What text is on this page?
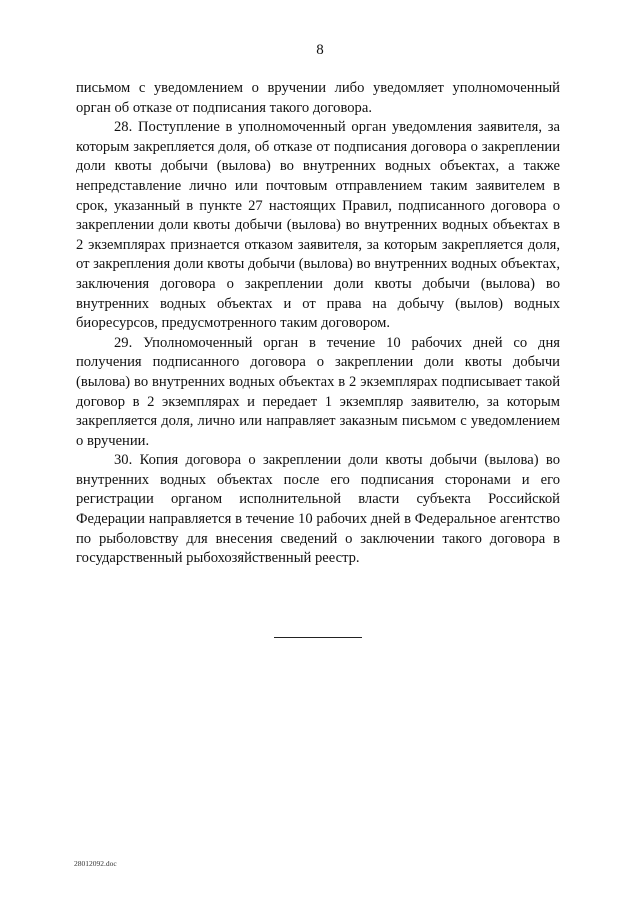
8

письмом с уведомлением о вручении либо уведомляет уполномоченный орган об отказе от подписания такого договора.

28. Поступление в уполномоченный орган уведомления заявителя, за которым закрепляется доля, об отказе от подписания договора о закреплении доли квоты добычи (вылова) во внутренних водных объектах, а также непредставление лично или почтовым отправлением таким заявителем в срок, указанный в пункте 27 настоящих Правил, подписанного договора о закреплении доли квоты добычи (вылова) во внутренних водных объектах в 2 экземплярах признается отказом заявителя, за которым закрепляется доля, от закрепления доли квоты добычи (вылова) во внутренних водных объектах, заключения договора о закреплении доли квоты добычи (вылова) во внутренних водных объектах и от права на добычу (вылов) водных биоресурсов, предусмотренного таким договором.

29. Уполномоченный орган в течение 10 рабочих дней со дня получения подписанного договора о закреплении доли квоты добычи (вылова) во внутренних водных объектах в 2 экземплярах подписывает такой договор в 2 экземплярах и передает 1 экземпляр заявителю, за которым закрепляется доля, лично или направляет заказным письмом с уведомлением о вручении.

30. Копия договора о закреплении доли квоты добычи (вылова) во внутренних водных объектах после его подписания сторонами и его регистрации органом исполнительной власти субъекта Российской Федерации направляется в течение 10 рабочих дней в Федеральное агентство по рыболовству для внесения сведений о заключении такого договора в государственный рыбохозяйственный реестр.

28012092.doc
